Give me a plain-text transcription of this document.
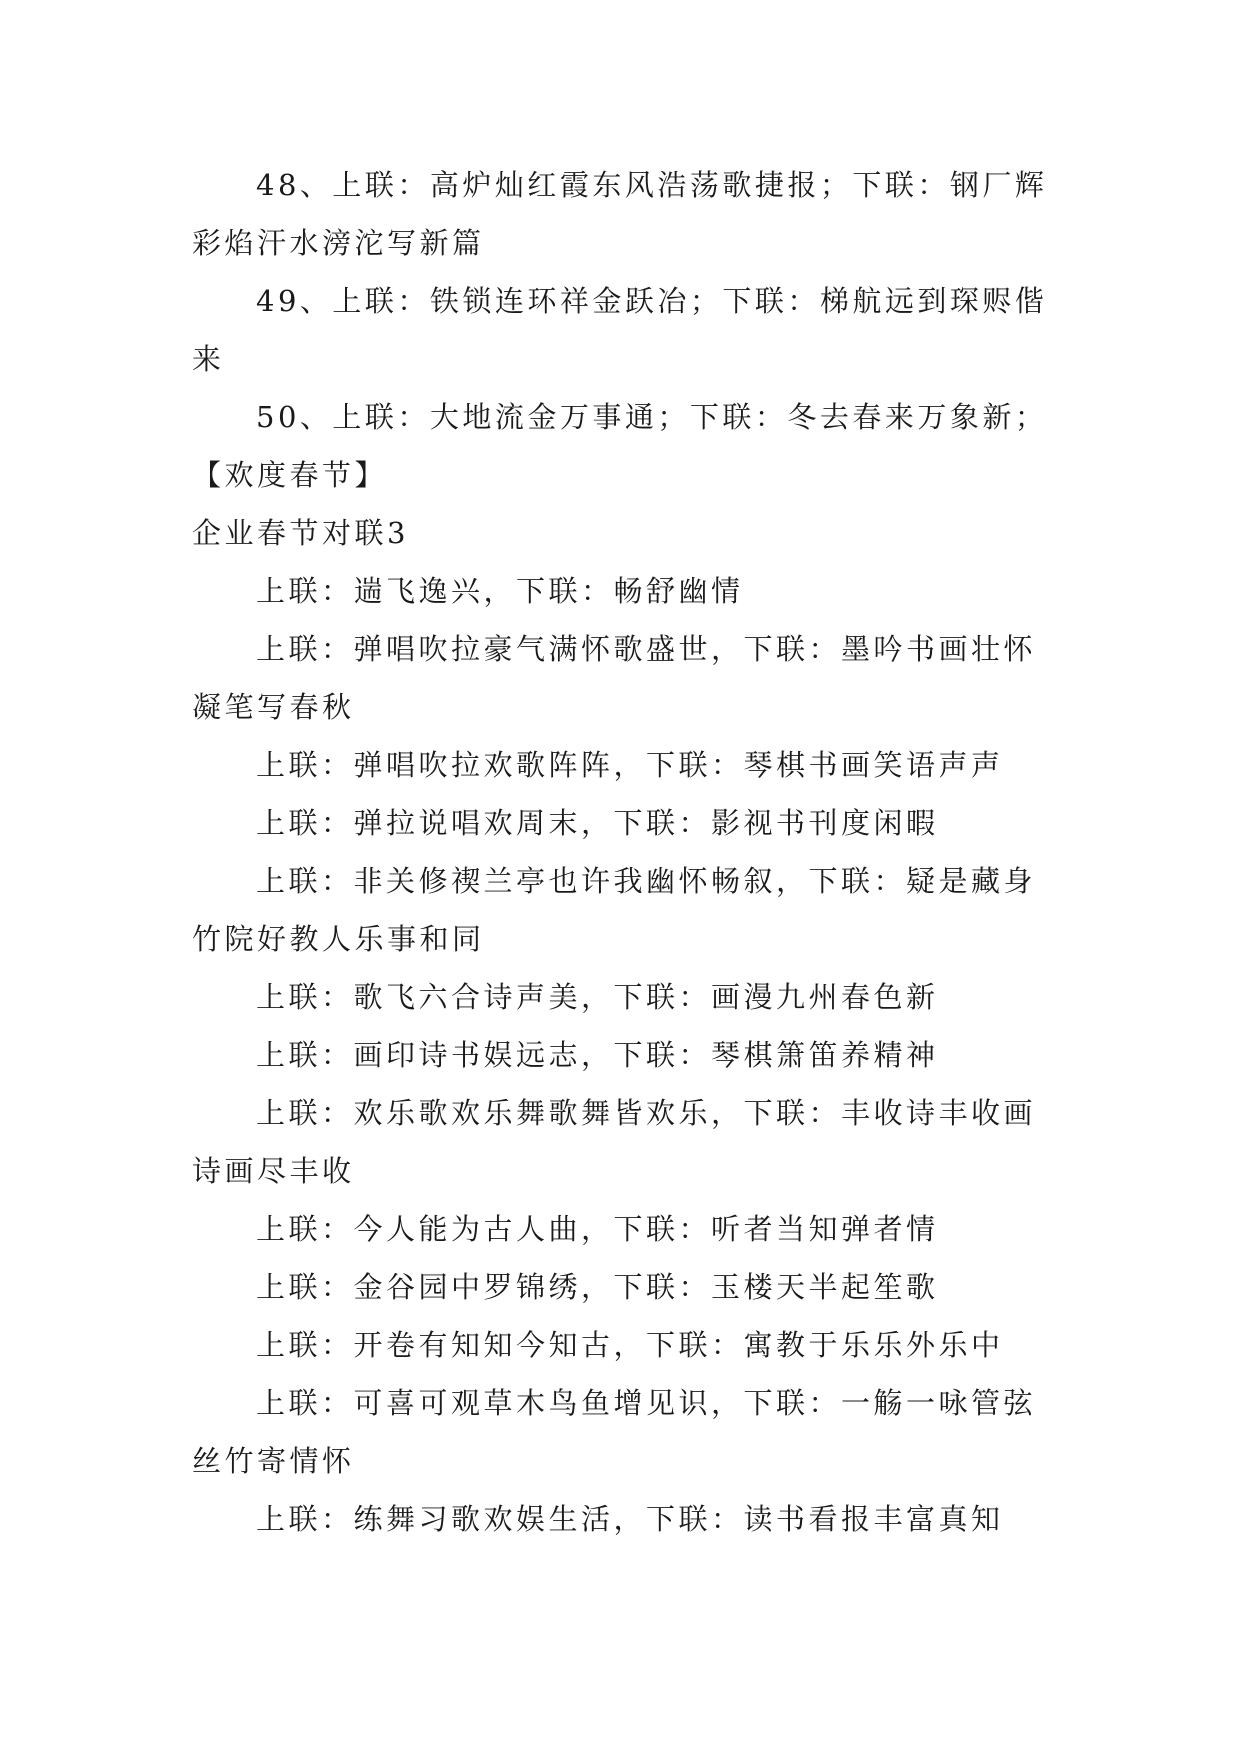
48、上联：高炉灿红霞东风浩荡歌捷报；下联：钢厂辉
彩焰汗水滂沱写新篇
49、上联：铁锁连环祥金跃冶；下联：梯航远到琛赆偕
来
50、上联：大地流金万事通；下联：冬去春来万象新；
【欢度春节】
企业春节对联3
上联：遄飞逸兴，下联：畅舒幽情
上联：弹唱吹拉豪气满怀歌盛世，下联：墨吟书画壮怀
凝笔写春秋
上联：弹唱吹拉欢歌阵阵，下联：琴棋书画笑语声声
上联：弹拉说唱欢周末，下联：影视书刊度闲暇
上联：非关修禊兰亭也许我幽怀畅叙，下联：疑是藏身
竹院好教人乐事和同
上联：歌飞六合诗声美，下联：画漫九州春色新
上联：画印诗书娱远志，下联：琴棋箫笛养精神
上联：欢乐歌欢乐舞歌舞皆欢乐，下联：丰收诗丰收画
诗画尽丰收
上联：今人能为古人曲，下联：听者当知弹者情
上联：金谷园中罗锦绣，下联：玉楼天半起笙歌
上联：开卷有知知今知古，下联：寓教于乐乐外乐中
上联：可喜可观草木鸟鱼增见识，下联：一觞一咏管弦
丝竹寄情怀
上联：练舞习歌欢娱生活，下联：读书看报丰富真知
